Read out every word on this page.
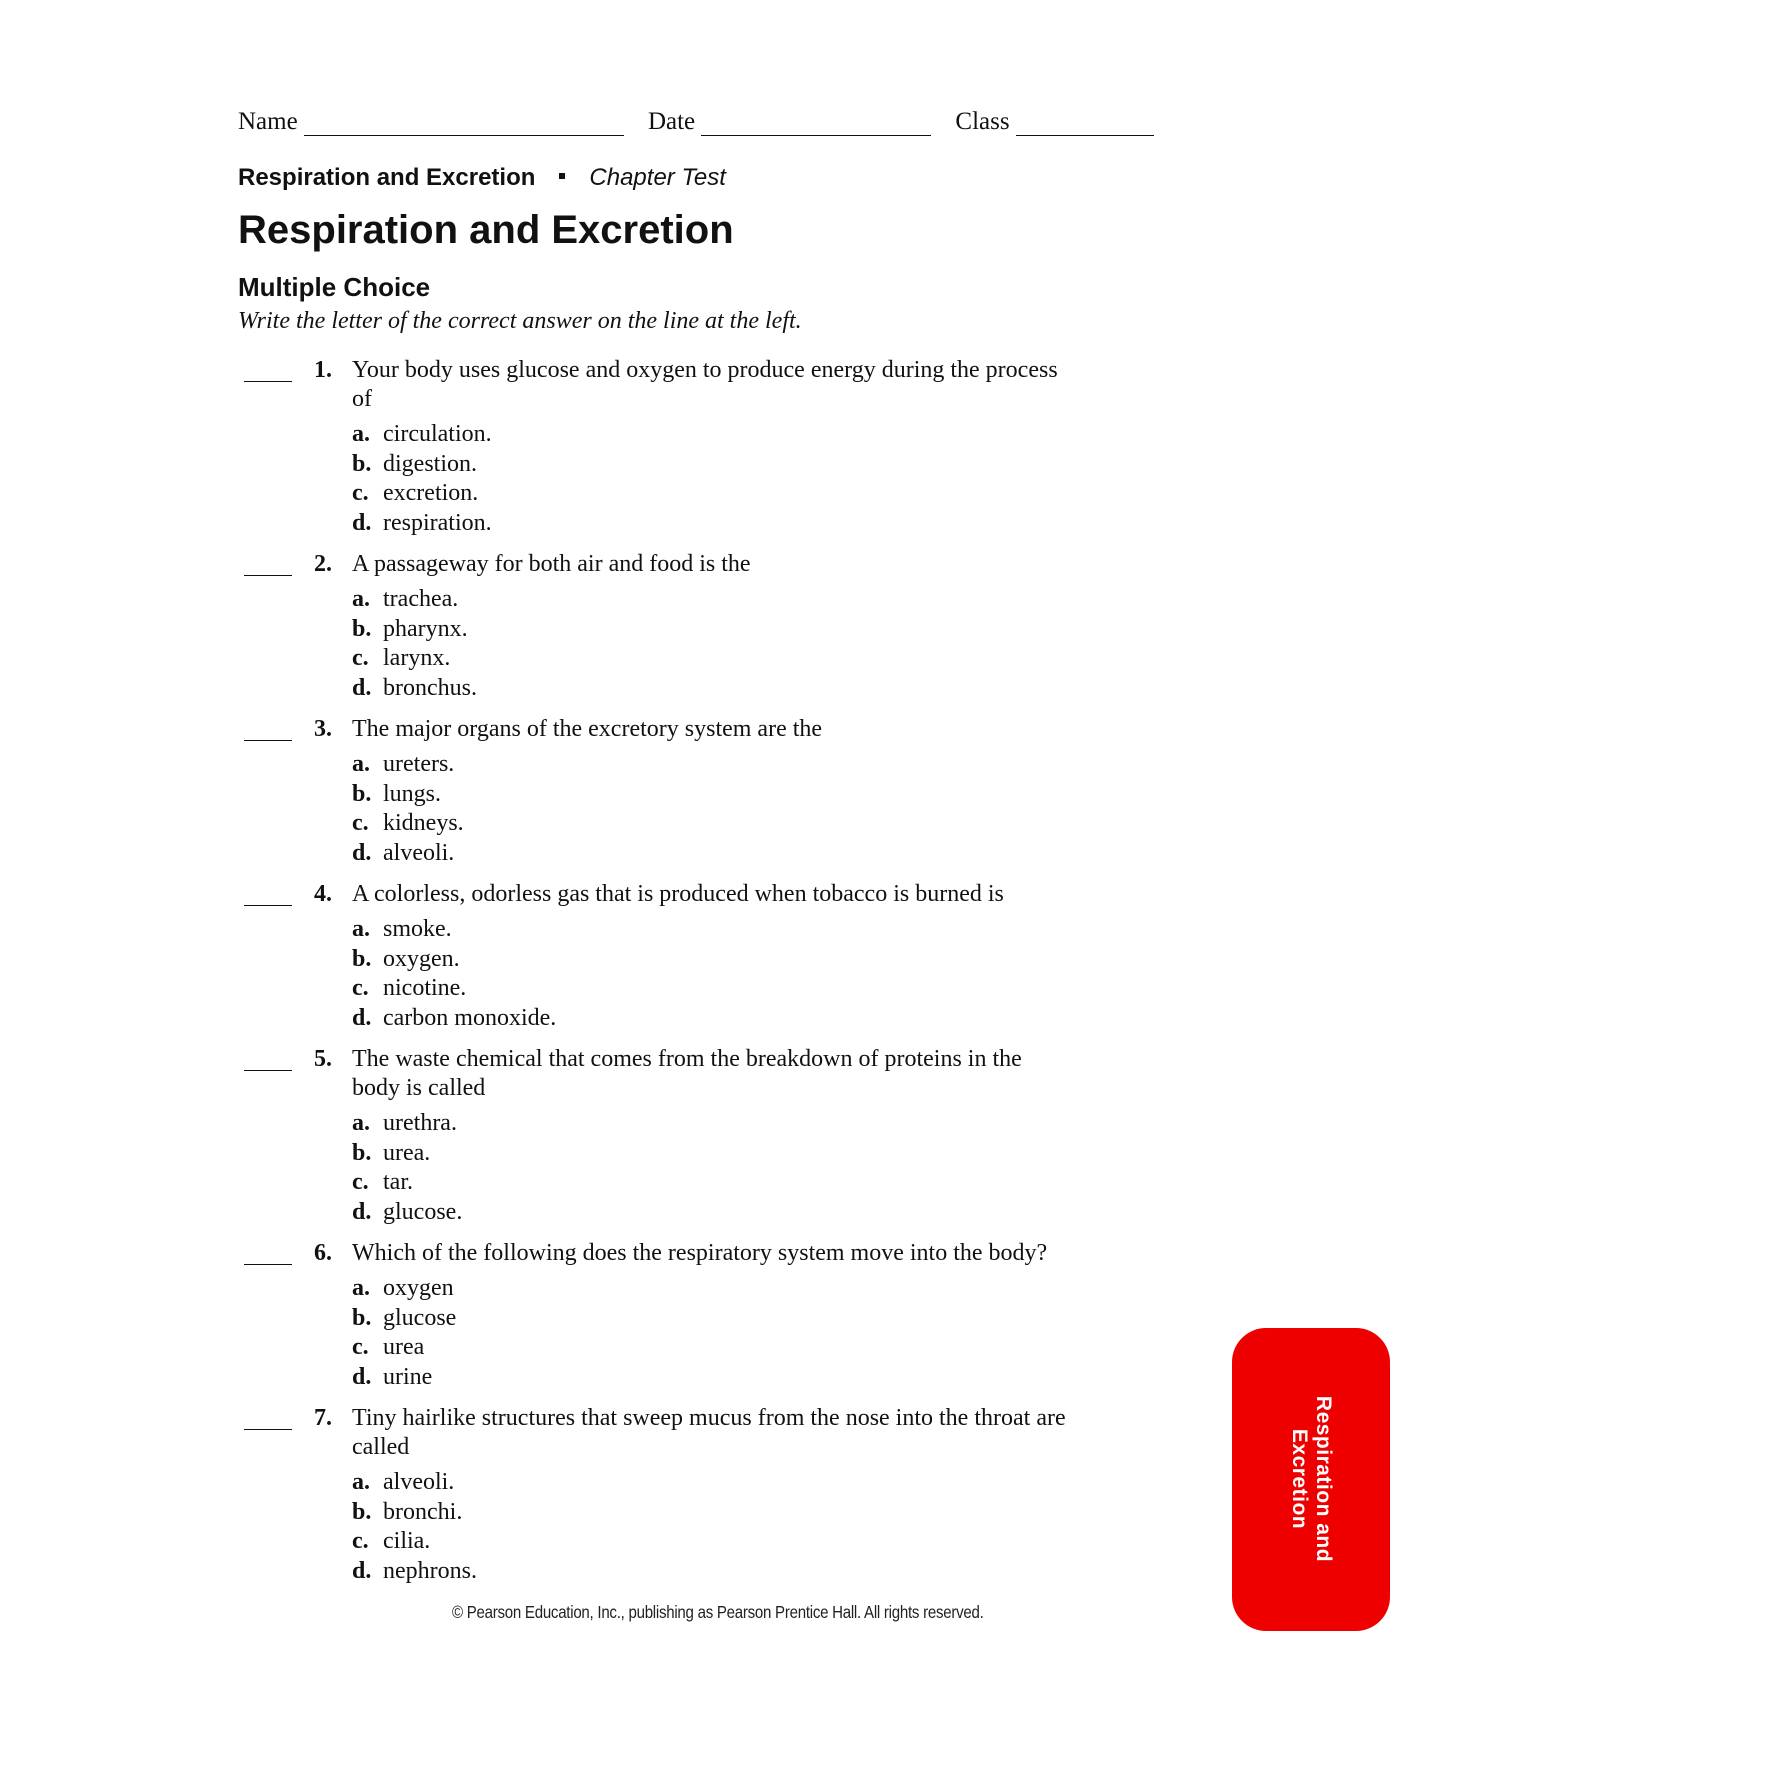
Name
	Date
	Class
Respiration and Excretion Chapter Test
Respiration and Excretion
Multiple Choice
Write the letter of the correct answer on the line at the left.
1. Your body uses glucose and oxygen to produce energy during the process of
a. circulation.
b. digestion.
c. excretion.
d. respiration.
2. A passageway for both air and food is the
a. trachea.
b. pharynx.
c. larynx.
d. bronchus.
3. The major organs of the excretory system are the
a. ureters.
b. lungs.
c. kidneys.
d. alveoli.
4. A colorless, odorless gas that is produced when tobacco is burned is
a. smoke.
b. oxygen.
c. nicotine.
d. carbon monoxide.
5. The waste chemical that comes from the breakdown of proteins in the body is called
a. urethra.
b. urea.
c. tar.
d. glucose.
6. Which of the following does the respiratory system move into the body?
a. oxygen
b. glucose
c. urea
d. urine
7. Tiny hairlike structures that sweep mucus from the nose into the throat are called
a. alveoli.
b. bronchi.
c. cilia.
d. nephrons.
© Pearson Education, Inc., publishing as Pearson Prentice Hall. All rights reserved.
Respiration and
Excretion
